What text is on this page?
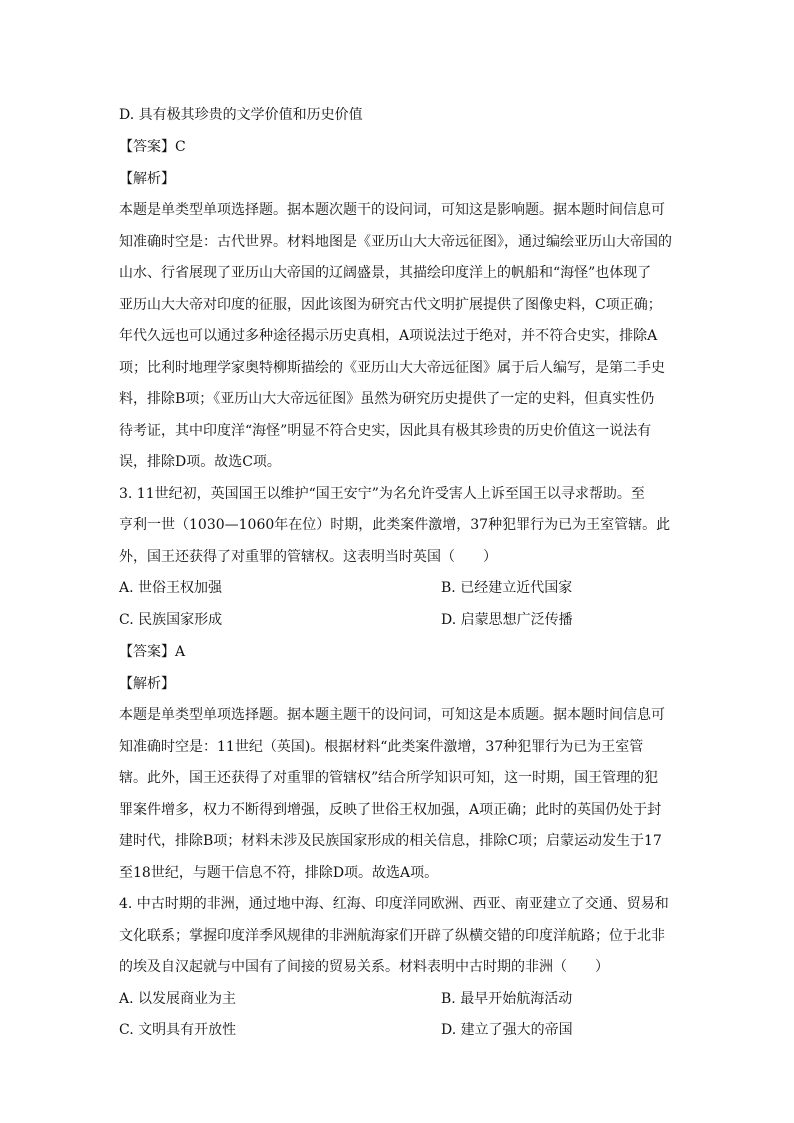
D. 具有极其珍贵的文学价值和历史价值
【答案】C
【解析】
本题是单类型单项选择题。据本题次题干的设问词，可知这是影响题。据本题时间信息可
知准确时空是：古代世界。材料地图是《亚历山大大帝远征图》，通过编绘亚历山大帝国的
山水、行省展现了亚历山大帝国的辽阔盛景，其描绘印度洋上的帆船和“海怪”也体现了
亚历山大大帝对印度的征服，因此该图为研究古代文明扩展提供了图像史料，C项正确；
年代久远也可以通过多种途径揭示历史真相，A项说法过于绝对，并不符合史实，排除A
项；比利时地理学家奥特柳斯描绘的《亚历山大大帝远征图》属于后人编写，是第二手史
料，排除B项；《亚历山大大帝远征图》虽然为研究历史提供了一定的史料，但真实性仍
待考证，其中印度洋“海怪”明显不符合史实，因此具有极其珍贵的历史价值这一说法有
误，排除D项。故选C项。
3. 11世纪初，英国国王以维护“国王安宁”为名允许受害人上诉至国王以寻求帮助。至
亨利一世（1030—1060年在位）时期，此类案件激增，37种犯罪行为已为王室管辖。此
外，国王还获得了对重罪的管辖权。这表明当时英国（　　）
A. 世俗王权加强	B. 已经建立近代国家
C. 民族国家形成	D. 启蒙思想广泛传播
【答案】A
【解析】
本题是单类型单项选择题。据本题主题干的设问词，可知这是本质题。据本题时间信息可
知准确时空是：11世纪（英国)。根据材料“此类案件激增，37种犯罪行为已为王室管
辖。此外，国王还获得了对重罪的管辖权”结合所学知识可知，这一时期，国王管理的犯
罪案件增多，权力不断得到增强，反映了世俗王权加强，A项正确；此时的英国仍处于封
建时代，排除B项；材料未涉及民族国家形成的相关信息，排除C项；启蒙运动发生于17
至18世纪，与题干信息不符，排除D项。故选A项。
4. 中古时期的非洲，通过地中海、红海、印度洋同欧洲、西亚、南亚建立了交通、贸易和
文化联系；掌握印度洋季风规律的非洲航海家们开辟了纵横交错的印度洋航路；位于北非
的埃及自汉起就与中国有了间接的贸易关系。材料表明中古时期的非洲（　　）
A. 以发展商业为主	B. 最早开始航海活动
C. 文明具有开放性	D. 建立了强大的帝国
